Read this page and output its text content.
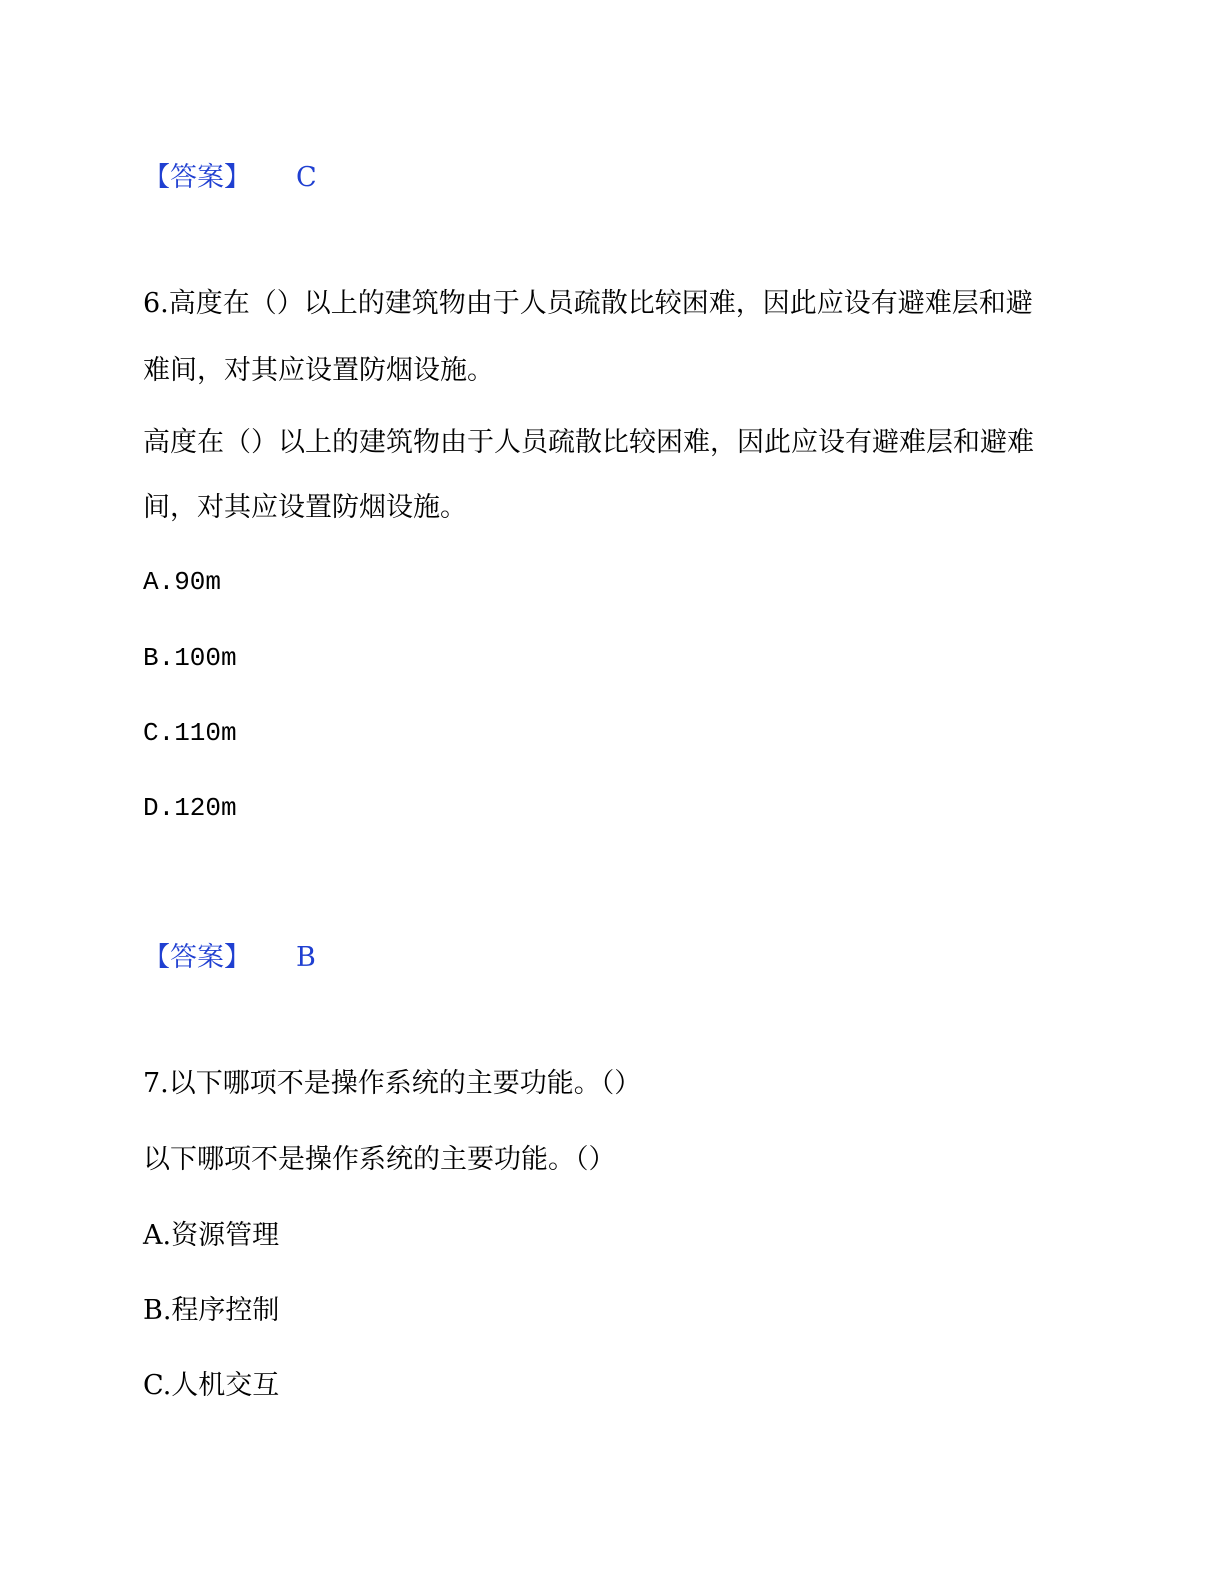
【答案】 C
6.高度在（）以上的建筑物由于人员疏散比较困难，因此应设有避难层和避
难间，对其应设置防烟设施。
高度在（）以上的建筑物由于人员疏散比较困难，因此应设有避难层和避难
间，对其应设置防烟设施。
A.90m
B.100m
C.110m
D.120m
【答案】 B
7.以下哪项不是操作系统的主要功能。（）
以下哪项不是操作系统的主要功能。（）
A.资源管理
B.程序控制
C.人机交互
